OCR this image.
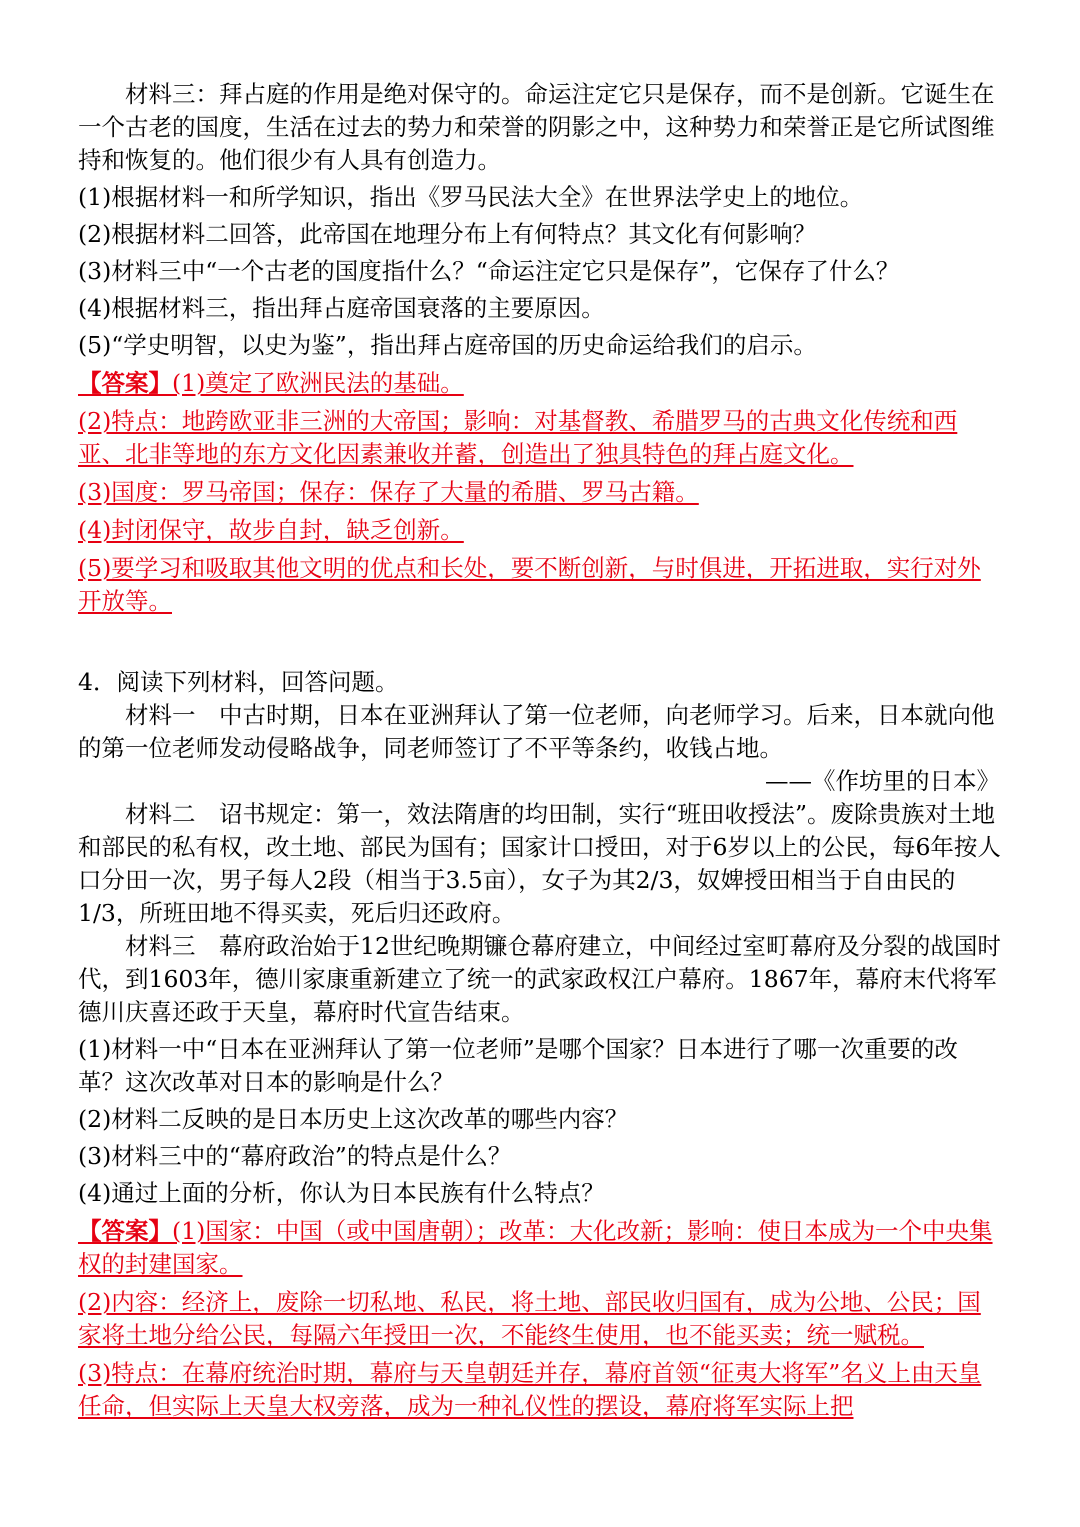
材料三：拜占庭的作用是绝对保守的。命运注定它只是保存，而不是创新。它诞生在一个古老的国度，生活在过去的势力和荣誉的阴影之中，这种势力和荣誉正是它所试图维持和恢复的。他们很少有人具有创造力。

(1)根据材料一和所学知识，指出《罗马民法大全》在世界法学史上的地位。

(2)根据材料二回答，此帝国在地理分布上有何特点？其文化有何影响？

(3)材料三中“一个古老的国度指什么？“命运注定它只是保存”，它保存了什么？

(4)根据材料三，指出拜占庭帝国衰落的主要原因。

(5)“学史明智，以史为鉴”，指出拜占庭帝国的历史命运给我们的启示。

【答案】(1)奠定了欧洲民法的基础。

(2)特点：地跨欧亚非三洲的大帝国；影响：对基督教、希腊罗马的古典文化传统和西亚、北非等地的东方文化因素兼收并蓄，创造出了独具特色的拜占庭文化。

(3)国度：罗马帝国；保存：保存了大量的希腊、罗马古籍。

(4)封闭保守，故步自封，缺乏创新。

(5)要学习和吸取其他文明的优点和长处，要不断创新，与时俱进，开拓进取，实行对外开放等。

4．阅读下列材料，回答问题。

材料一　中古时期，日本在亚洲拜认了第一位老师，向老师学习。后来，日本就向他的第一位老师发动侵略战争，同老师签订了不平等条约，收钱占地。

——《作坊里的日本》

材料二　诏书规定：第一，效法隋唐的均田制，实行“班田收授法”。废除贵族对土地和部民的私有权，改土地、部民为国有；国家计口授田，对于6岁以上的公民，每6年按人口分田一次，男子每人2段（相当于3.5亩），女子为其2/3，奴婢授田相当于自由民的1/3，所班田地不得买卖，死后归还政府。

材料三　幕府政治始于12世纪晚期镰仓幕府建立，中间经过室町幕府及分裂的战国时代，到1603年，德川家康重新建立了统一的武家政权江户幕府。1867年，幕府末代将军德川庆喜还政于天皇，幕府时代宣告结束。

(1)材料一中“日本在亚洲拜认了第一位老师”是哪个国家？日本进行了哪一次重要的改革？这次改革对日本的影响是什么？

(2)材料二反映的是日本历史上这次改革的哪些内容？

(3)材料三中的“幕府政治”的特点是什么？

(4)通过上面的分析，你认为日本民族有什么特点？

【答案】(1)国家：中国（或中国唐朝）；改革：大化改新；影响：使日本成为一个中央集权的封建国家。

(2)内容：经济上，废除一切私地、私民，将土地、部民收归国有，成为公地、公民；国家将土地分给公民，每隔六年授田一次，不能终生使用，也不能买卖；统一赋税。

(3)特点：在幕府统治时期，幕府与天皇朝廷并存，幕府首领“征夷大将军”名义上由天皇任命，但实际上天皇大权旁落，成为一种礼仪性的摆设，幕府将军实际上把
